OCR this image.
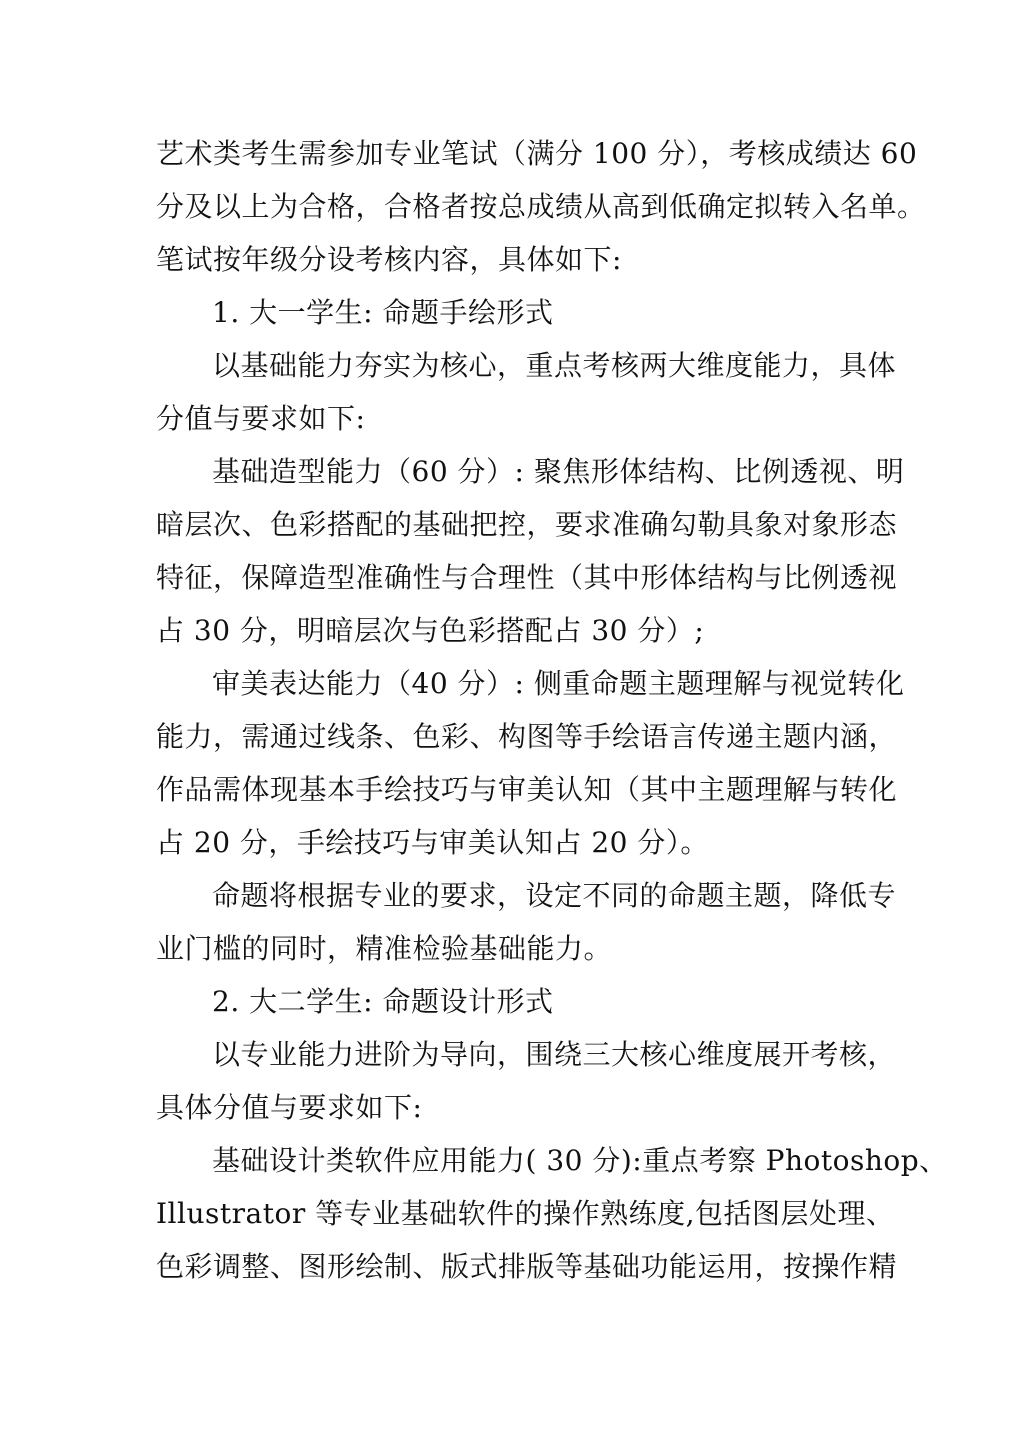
艺术类考生需参加专业笔试（满分 100 分），考核成绩达 60
分及以上为合格，合格者按总成绩从高到低确定拟转入名单。
笔试按年级分设考核内容，具体如下:
1. 大一学生: 命题手绘形式
以基础能力夯实为核心，重点考核两大维度能力，具体
分值与要求如下:
基础造型能力（60 分）: 聚焦形体结构、比例透视、明
暗层次、色彩搭配的基础把控，要求准确勾勒具象对象形态
特征，保障造型准确性与合理性（其中形体结构与比例透视
占 30 分，明暗层次与色彩搭配占 30 分）;
审美表达能力（40 分）: 侧重命题主题理解与视觉转化
能力，需通过线条、色彩、构图等手绘语言传递主题内涵，
作品需体现基本手绘技巧与审美认知（其中主题理解与转化
占 20 分，手绘技巧与审美认知占 20 分）。
命题将根据专业的要求，设定不同的命题主题，降低专
业门槛的同时，精准检验基础能力。
2. 大二学生: 命题设计形式
以专业能力进阶为导向，围绕三大核心维度展开考核，
具体分值与要求如下:
基础设计类软件应用能力( 30 分):重点考察 Photoshop、
Illustrator 等专业基础软件的操作熟练度,包括图层处理、
色彩调整、图形绘制、版式排版等基础功能运用，按操作精
